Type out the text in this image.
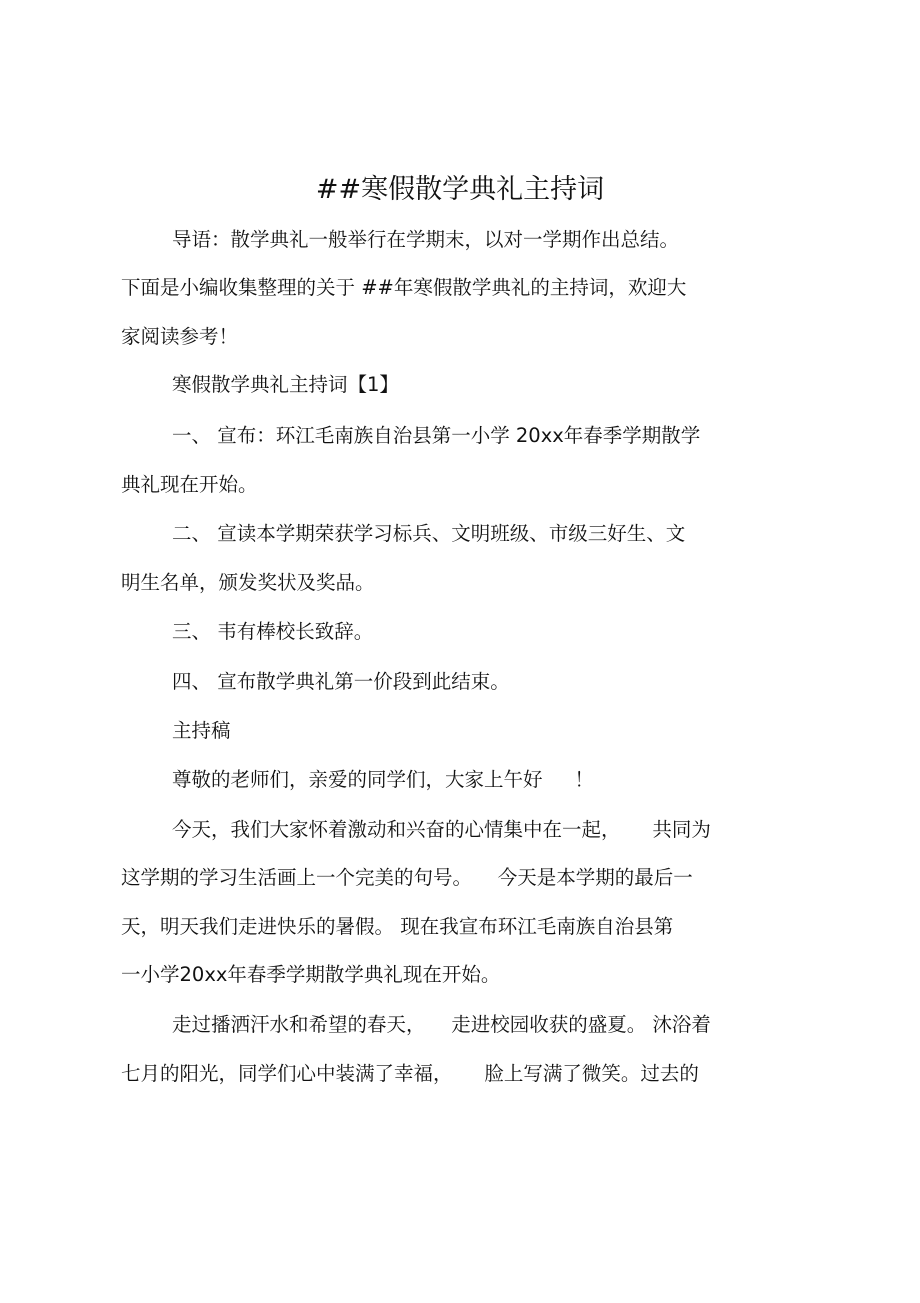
##寒假散学典礼主持词

导语：散学典礼一般举行在学期末，以对一学期作出总结。

下面是小编收集整理的关于 ##年寒假散学典礼的主持词，欢迎大

家阅读参考！

寒假散学典礼主持词【1】

一、 宣布：环江毛南族自治县第一小学 20xx年春季学期散学

典礼现在开始。

二、 宣读本学期荣获学习标兵、文明班级、市级三好生、文

明生名单，颁发奖状及奖品。

三、 韦有棒校长致辞。

四、 宣布散学典礼第一价段到此结束。

主持稿

尊敬的老师们，亲爱的同学们，大家上午好 　 ！

今天，我们大家怀着激动和兴奋的心情集中在一起， 　 共同为

这学期的学习生活画上一个完美的句号。 　今天是本学期的最后一

天，明天我们走进快乐的暑假。 现在我宣布环江毛南族自治县第

一小学20xx年春季学期散学典礼现在开始。

走过播洒汗水和希望的春天， 　走进校园收获的盛夏。 沐浴着

七月的阳光，同学们心中装满了幸福， 　 脸上写满了微笑。过去的
